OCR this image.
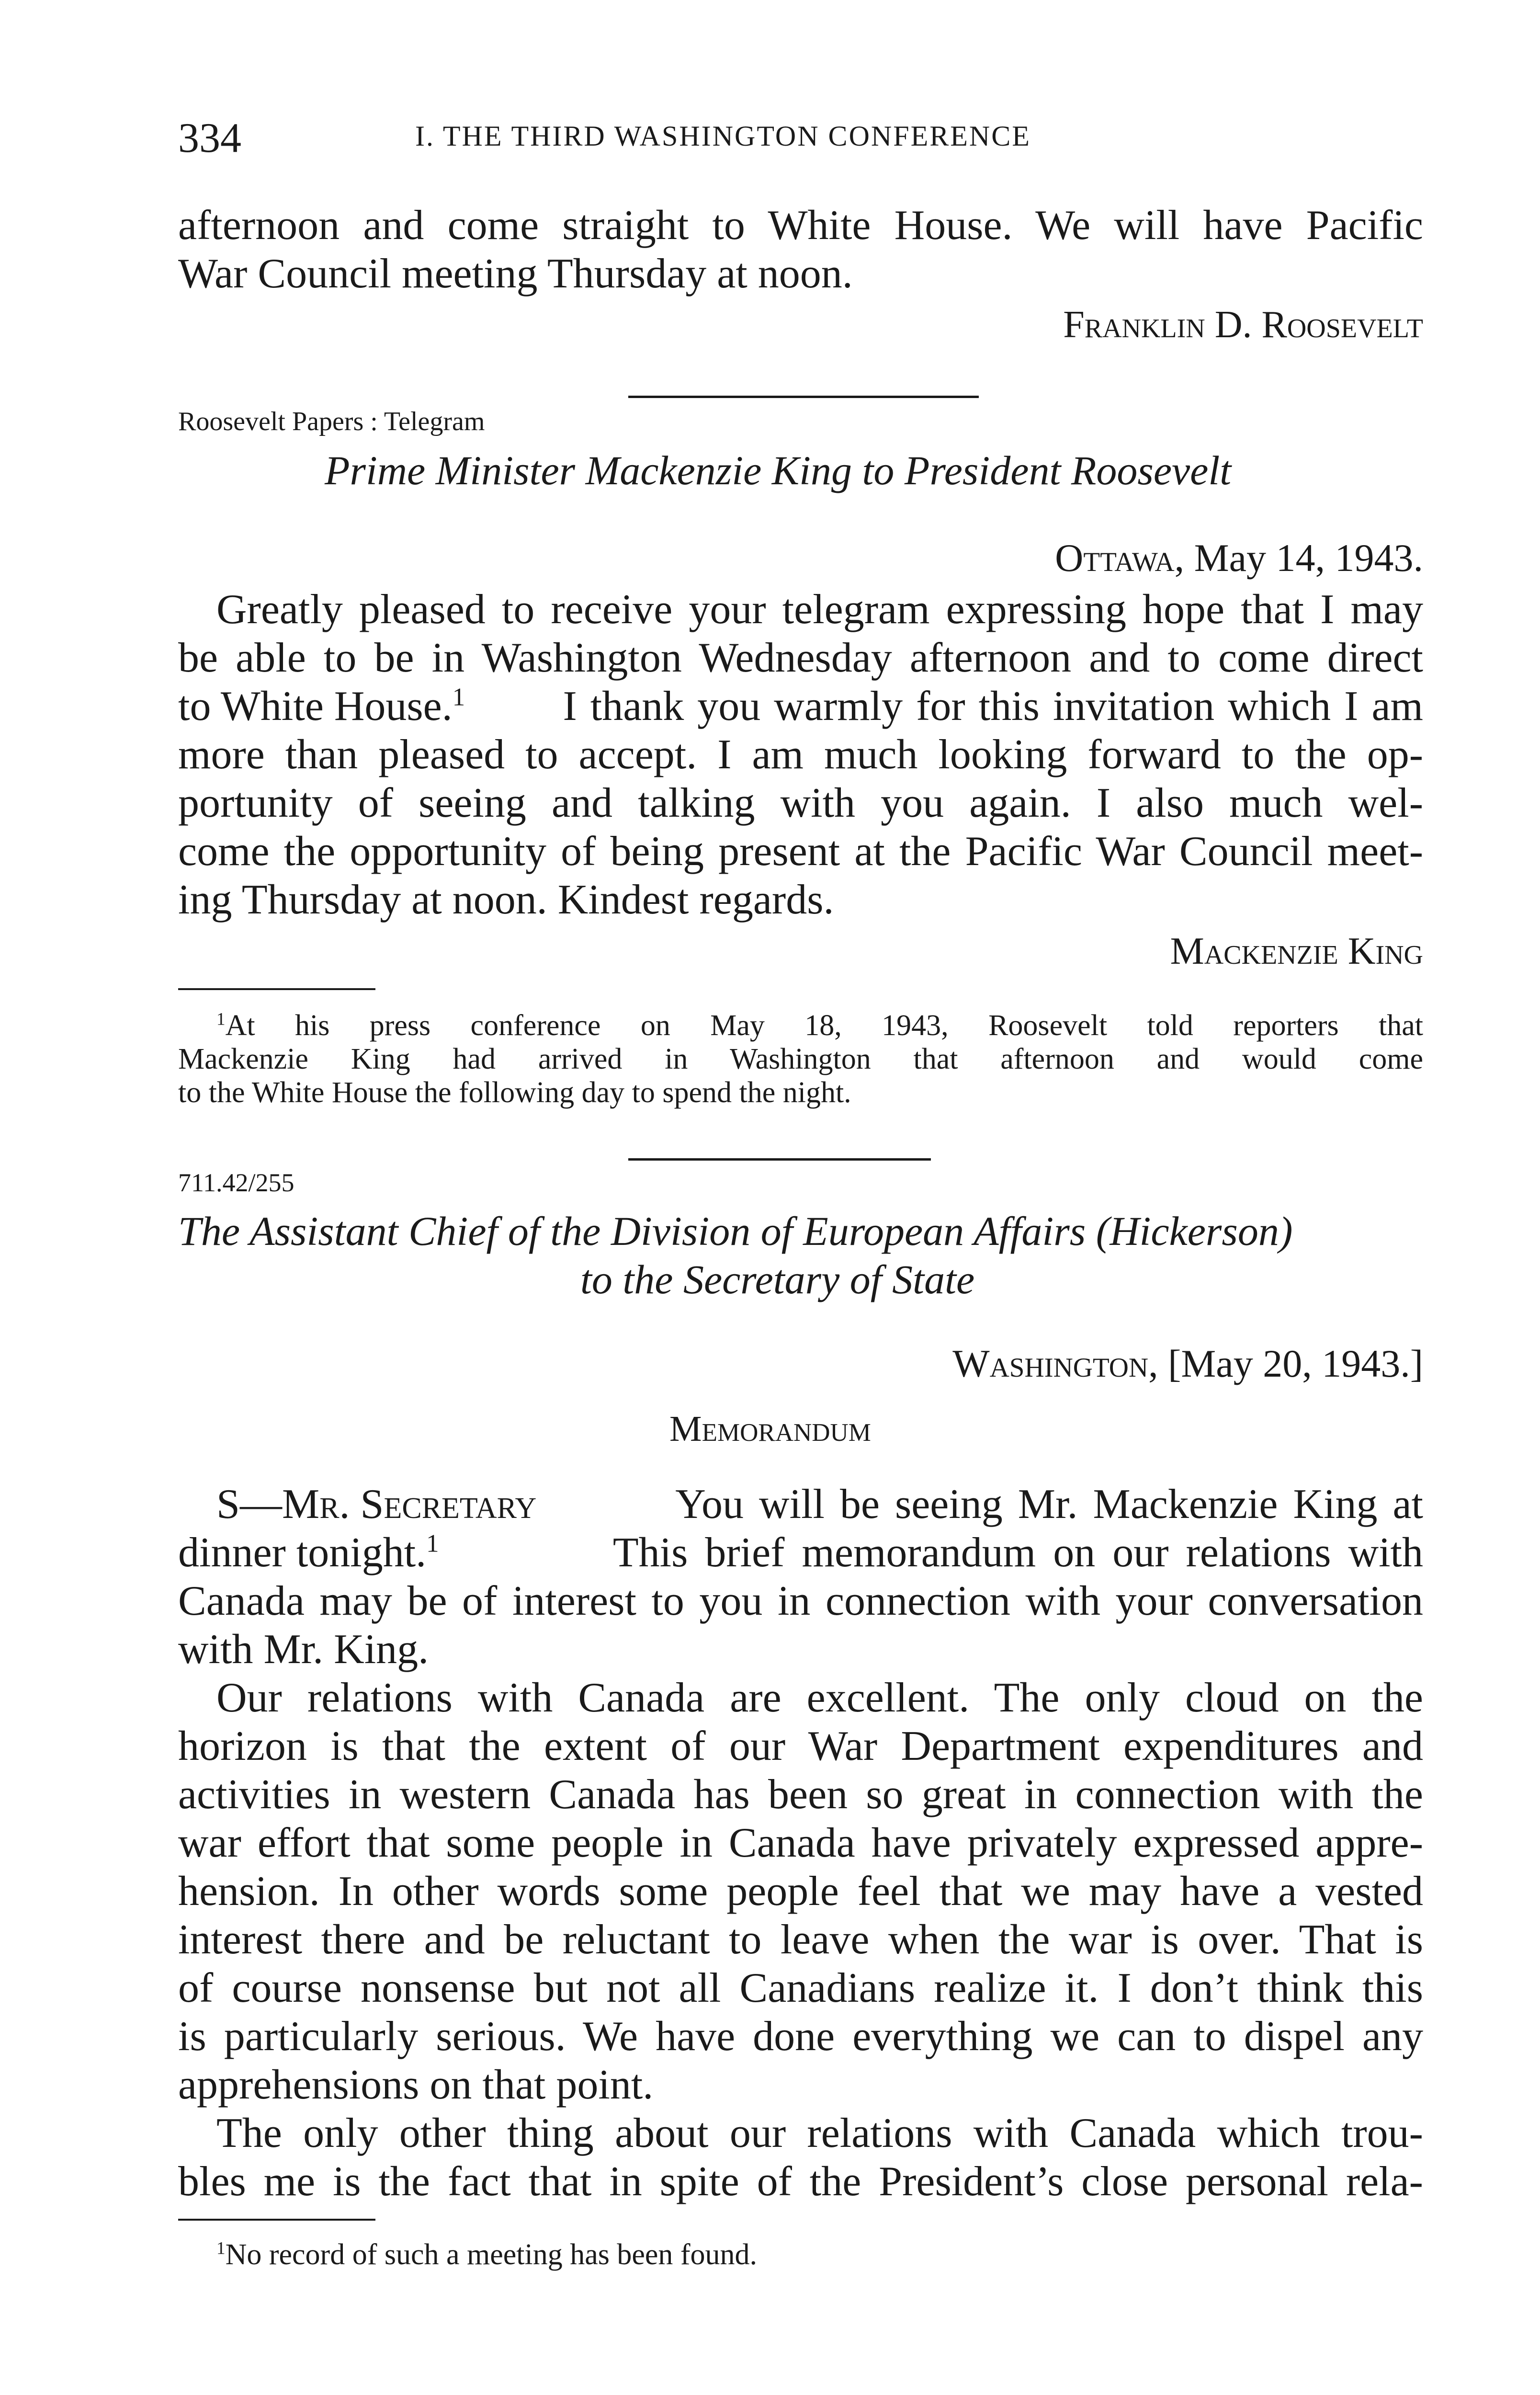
334	I. THE THIRD WASHINGTON CONFERENCE
afternoon and come straight to White House. We will have Pacific
War Council meeting Thursday at noon.
Franklin D. Roosevelt
Roosevelt Papers : Telegram
Prime Minister Mackenzie King to President Roosevelt
Ottawa, May 14, 1943.
Greatly pleased to receive your telegram expressing hope that I may
be able to be in Washington Wednesday afternoon and to come direct
to White House.$^1$ I thank you warmly for this invitation which I am
more than pleased to accept. I am much looking forward to the op-
portunity of seeing and talking with you again. I also much wel-
come the opportunity of being present at the Pacific War Council meet-
ing Thursday at noon. Kindest regards.
Mackenzie King
$^1$At his press conference on May 18, 1943, Roosevelt told reporters that
Mackenzie King had arrived in Washington that afternoon and would come
to the White House the following day to spend the night.
711.42/255
The Assistant Chief of the Division of European Affairs (Hickerson)
to the Secretary of State
Washington, [May 20, 1943.]
Memorandum
S—Mr. Secretary	You will be seeing Mr. Mackenzie King at
dinner tonight.$^1$	This brief memorandum on our relations with
Canada may be of interest to you in connection with your conversation
with Mr. King.
Our relations with Canada are excellent. The only cloud on the
horizon is that the extent of our War Department expenditures and
activities in western Canada has been so great in connection with the
war effort that some people in Canada have privately expressed appre-
hension. In other words some people feel that we may have a vested
interest there and be reluctant to leave when the war is over. That is
of course nonsense but not all Canadians realize it. I don’t think this
is particularly serious. We have done everything we can to dispel any
apprehensions on that point.
The only other thing about our relations with Canada which trou-
bles me is the fact that in spite of the President’s close personal rela-
$^1$No record of such a meeting has been found.
